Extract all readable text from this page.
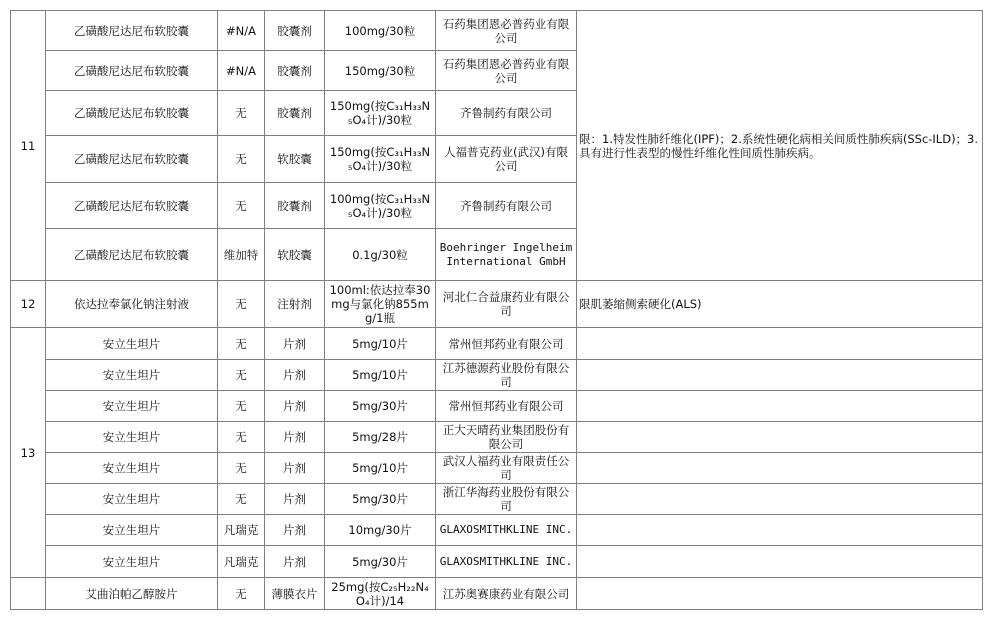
11	乙磺酸尼达尼布软胶囊	#N/A	胶囊剂	100mg/30粒	石药集团恩必普药业有限公司	限：1.特发性肺纤维化(IPF)；2.系统性硬化病相关间质性肺疾病(SSc-ILD)；3.具有进行性表型的慢性纤维化性间质性肺疾病。
	乙磺酸尼达尼布软胶囊	#N/A	胶囊剂	150mg/30粒	石药集团恩必普药业有限公司	
	乙磺酸尼达尼布软胶囊	无	胶囊剂	150mg(按C₃₁H₃₃N₅O₄计)/30粒	齐鲁制药有限公司	
	乙磺酸尼达尼布软胶囊	无	软胶囊	150mg(按C₃₁H₃₃N₅O₄计)/30粒	人福普克药业(武汉)有限公司	
	乙磺酸尼达尼布软胶囊	无	胶囊剂	100mg(按C₃₁H₃₃N₅O₄计)/30粒	齐鲁制药有限公司	
	乙磺酸尼达尼布软胶囊	维加特	软胶囊	0.1g/30粒	Boehringer Ingelheim International GmbH	
12	依达拉奉氯化钠注射液	无	注射剂	100ml:依达拉奉30mg与氯化钠855mg/1瓶	河北仁合益康药业有限公司	限肌萎缩侧索硬化(ALS)
13	安立生坦片	无	片剂	5mg/10片	常州恒邦药业有限公司	
	安立生坦片	无	片剂	5mg/10片	江苏德源药业股份有限公司	
	安立生坦片	无	片剂	5mg/30片	常州恒邦药业有限公司	
	安立生坦片	无	片剂	5mg/28片	正大天晴药业集团股份有限公司	
	安立生坦片	无	片剂	5mg/10片	武汉人福药业有限责任公司	
	安立生坦片	无	片剂	5mg/30片	浙江华海药业股份有限公司	
	安立生坦片	凡瑞克	片剂	10mg/30片	GLAXOSMITHKLINE INC.	
	安立生坦片	凡瑞克	片剂	5mg/30片	GLAXOSMITHKLINE INC.	
	艾曲泊帕乙醇胺片	无	薄膜衣片	25mg(按C₂₅H₂₂N₄O₄计)/14	江苏奥赛康药业有限公司	
